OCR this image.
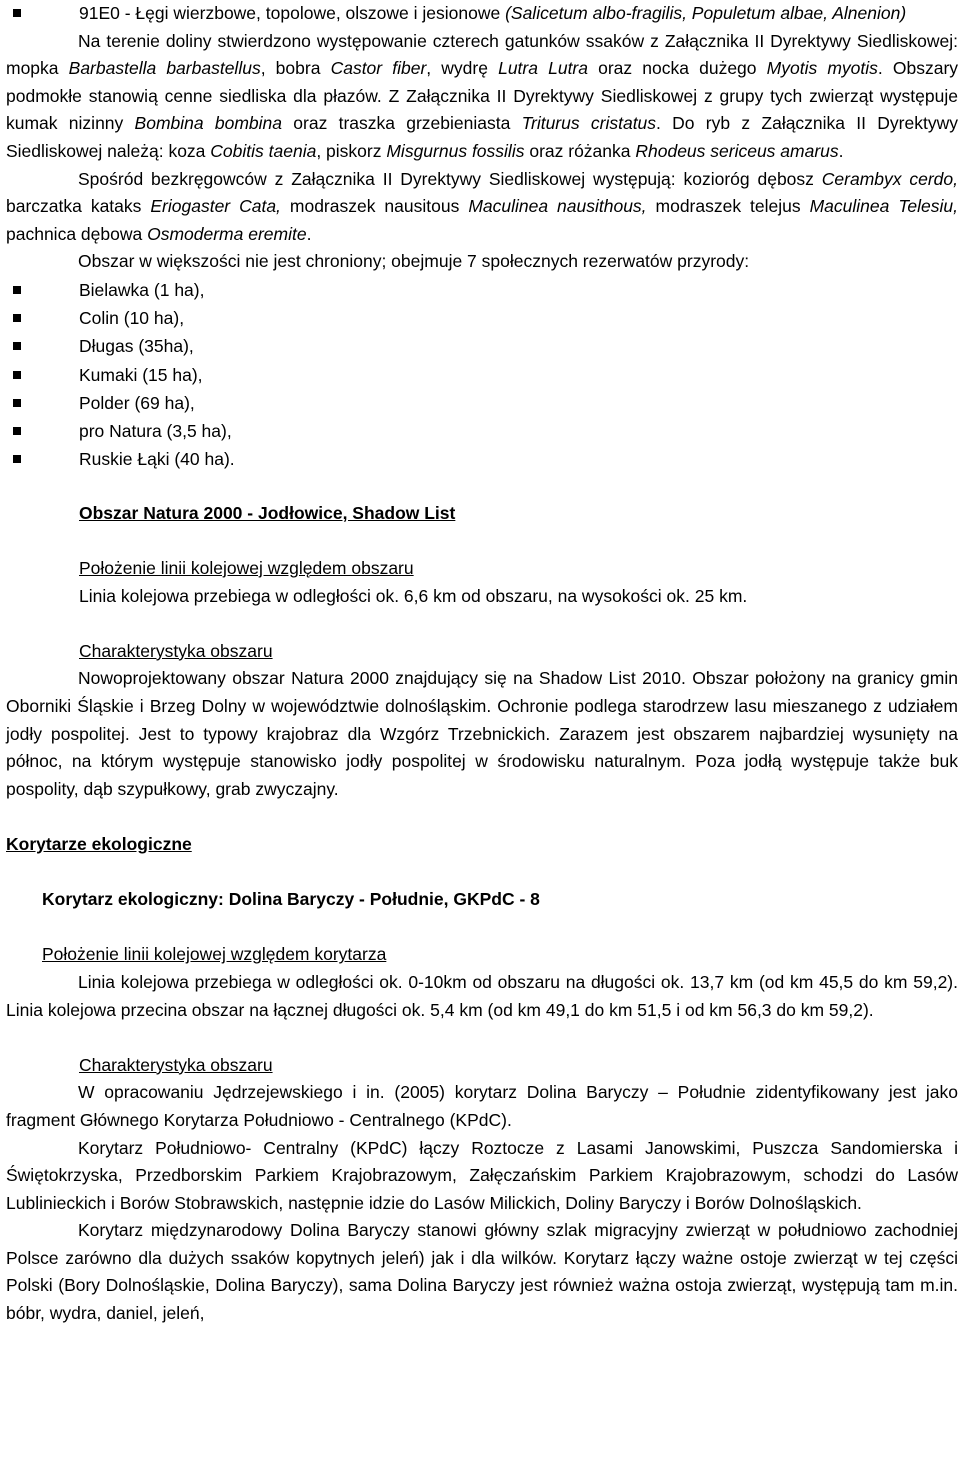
91E0 - Łęgi wierzbowe, topolowe, olszowe i jesionowe (Salicetum albo-fragilis, Populetum albae, Alnenion)

Na terenie doliny stwierdzono występowanie czterech gatunków ssaków z Załącznika II Dyrektywy Siedliskowej: mopka Barbastella barbastellus, bobra Castor fiber, wydrę Lutra Lutra oraz nocka dużego Myotis myotis. Obszary podmokłe stanowią cenne siedliska dla płazów. Z Załącznika II Dyrektywy Siedliskowej z grupy tych zwierząt występuje kumak nizinny Bombina bombina oraz traszka grzebieniasta Triturus cristatus. Do ryb z Załącznika II Dyrektywy Siedliskowej należą: koza Cobitis taenia, piskorz Misgurnus fossilis oraz różanka Rhodeus sericeus amarus.

Spośród bezkręgowców z Załącznika II Dyrektywy Siedliskowej występują: kozioróg dębosz Cerambyx cerdo, barczatka kataks Eriogaster Cata, modraszek nausitous Maculinea nausithous, modraszek telejus Maculinea Telesiu, pachnica dębowa Osmoderma eremite.

Obszar w większości nie jest chroniony; obejmuje 7 społecznych rezerwatów przyrody:

Bielawka (1 ha),
Colin (10 ha),
Długas (35ha),
Kumaki (15 ha),
Polder (69 ha),
pro Natura (3,5 ha),
Ruskie Łąki (40 ha).

Obszar Natura 2000 - Jodłowice, Shadow List

Położenie linii kolejowej względem obszaru

Linia kolejowa przebiega w odległości ok. 6,6 km od obszaru, na wysokości ok. 25 km.

Charakterystyka obszaru

Nowoprojektowany obszar Natura 2000 znajdujący się na Shadow List 2010. Obszar położony na granicy gmin Oborniki Śląskie i Brzeg Dolny w województwie dolnośląskim. Ochronie podlega starodrzew lasu mieszanego z udziałem jodły pospolitej. Jest to typowy krajobraz dla Wzgórz Trzebnickich. Zarazem jest obszarem najbardziej wysunięty na północ, na którym występuje stanowisko jodły pospolitej w środowisku naturalnym. Poza jodłą występuje także buk pospolity, dąb szypułkowy, grab zwyczajny.

Korytarze ekologiczne

Korytarz ekologiczny: Dolina Baryczy - Południe, GKPdC - 8

Położenie linii kolejowej względem korytarza

Linia kolejowa przebiega w odległości ok. 0-10km od obszaru na długości ok. 13,7 km (od km 45,5 do km 59,2). Linia kolejowa przecina obszar na łącznej długości ok. 5,4 km (od km 49,1 do km 51,5 i od km 56,3 do km 59,2).

Charakterystyka obszaru

W opracowaniu Jędrzejewskiego i in. (2005) korytarz Dolina Baryczy – Południe zidentyfikowany jest jako fragment Głównego Korytarza Południowo - Centralnego (KPdC).

Korytarz Południowo- Centralny (KPdC) łączy Roztocze z Lasami Janowskimi, Puszcza Sandomierska i Świętokrzyska, Przedborskim Parkiem Krajobrazowym, Załęczańskim Parkiem Krajobrazowym, schodzi do Lasów Lublinieckich i Borów Stobrawskich, następnie idzie do Lasów Milickich, Doliny Baryczy i Borów Dolnośląskich.

Korytarz międzynarodowy Dolina Baryczy stanowi główny szlak migracyjny zwierząt w południowo zachodniej Polsce zarówno dla dużych ssaków kopytnych jeleń) jak i dla wilków. Korytarz łączy ważne ostoje zwierząt w tej części Polski (Bory Dolnośląskie, Dolina Baryczy), sama Dolina Baryczy jest również ważna ostoja zwierząt, występują tam m.in. bóbr, wydra, daniel, jeleń,
